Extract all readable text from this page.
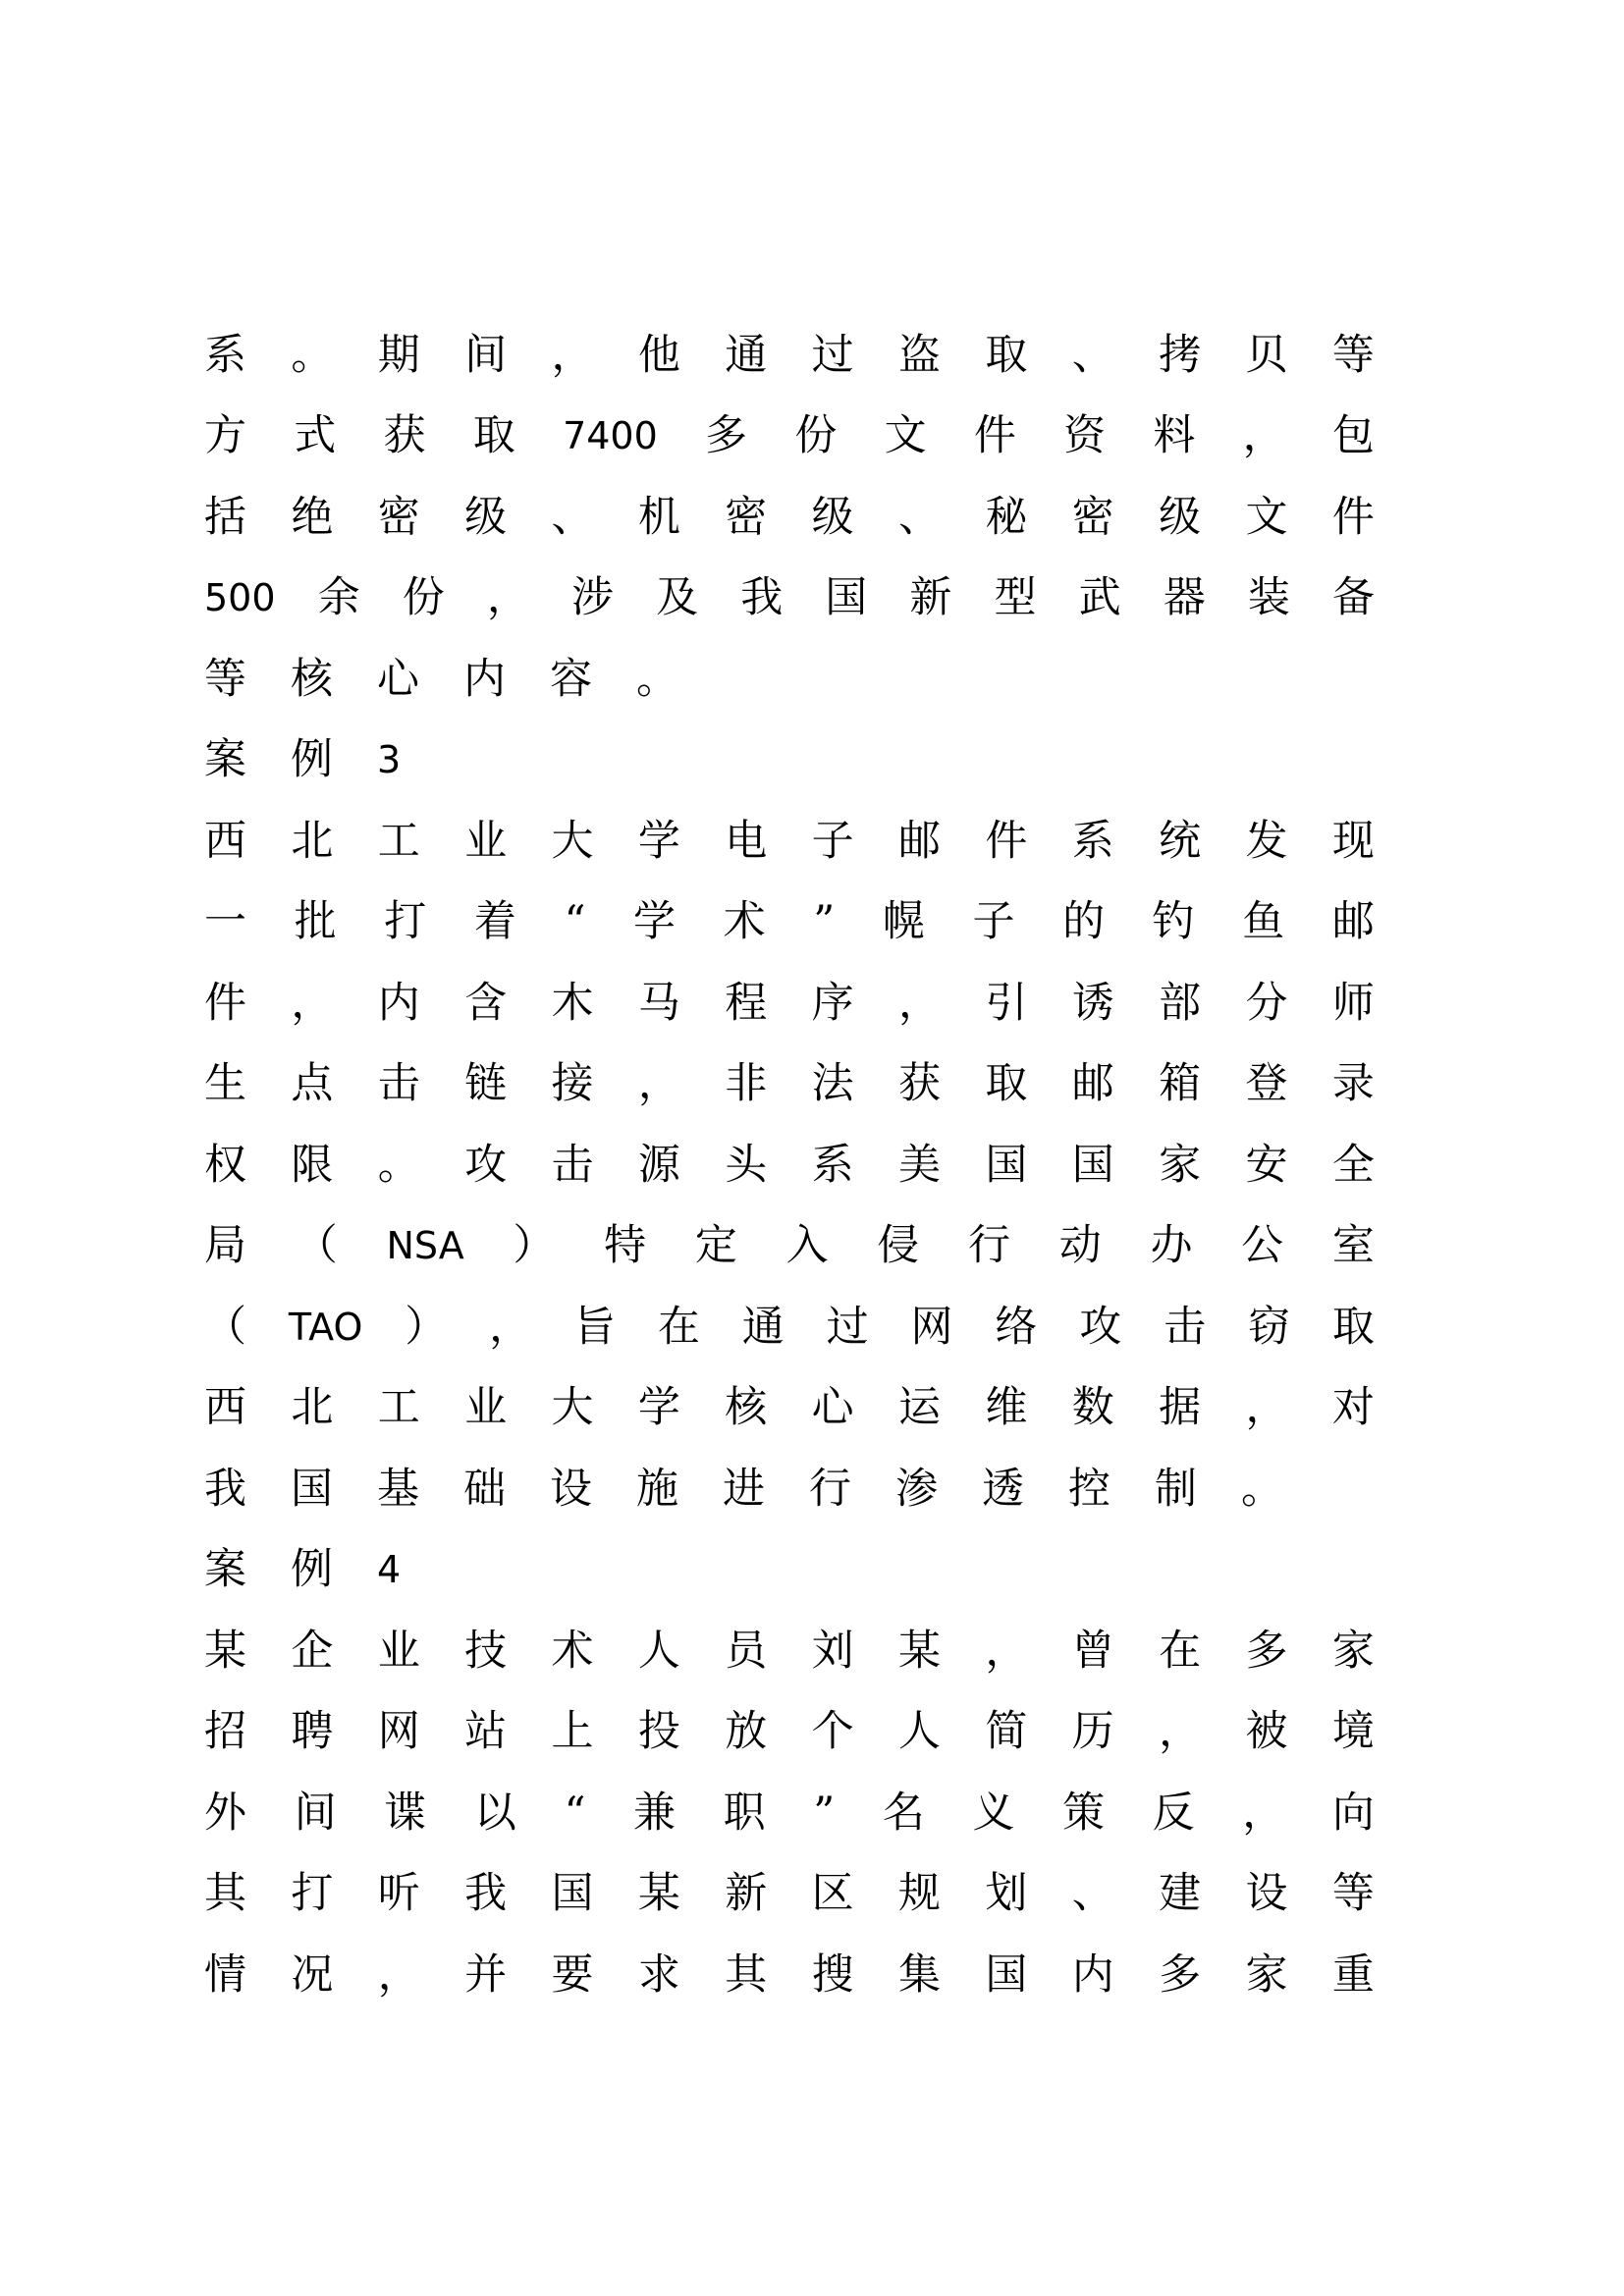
系 。 期 间 ， 他 通 过 盗 取 、 拷 贝 等
方 式 获 取 7400 多 份 文 件 资 料 ， 包
括 绝 密 级 、 机 密 级 、 秘 密 级 文 件
500 余 份 ， 涉 及 我 国 新 型 武 器 装 备
等 核 心 内 容 。
案 例 3
西 北 工 业 大 学 电 子 邮 件 系 统 发 现
一 批 打 着 “ 学 术 ” 幌 子 的 钓 鱼 邮
件 ， 内 含 木 马 程 序 ， 引 诱 部 分 师
生 点 击 链 接 ， 非 法 获 取 邮 箱 登 录
权 限 。 攻 击 源 头 系 美 国 国 家 安 全
局 （ NSA ） 特 定 入 侵 行 动 办 公 室
（ TAO ） ， 旨 在 通 过 网 络 攻 击 窃 取
西 北 工 业 大 学 核 心 运 维 数 据 ， 对
我 国 基 础 设 施 进 行 渗 透 控 制 。
案 例 4
某 企 业 技 术 人 员 刘 某 ， 曾 在 多 家
招 聘 网 站 上 投 放 个 人 简 历 ， 被 境
外 间 谍 以 “ 兼 职 ” 名 义 策 反 ， 向
其 打 听 我 国 某 新 区 规 划 、 建 设 等
情 况 ， 并 要 求 其 搜 集 国 内 多 家 重
